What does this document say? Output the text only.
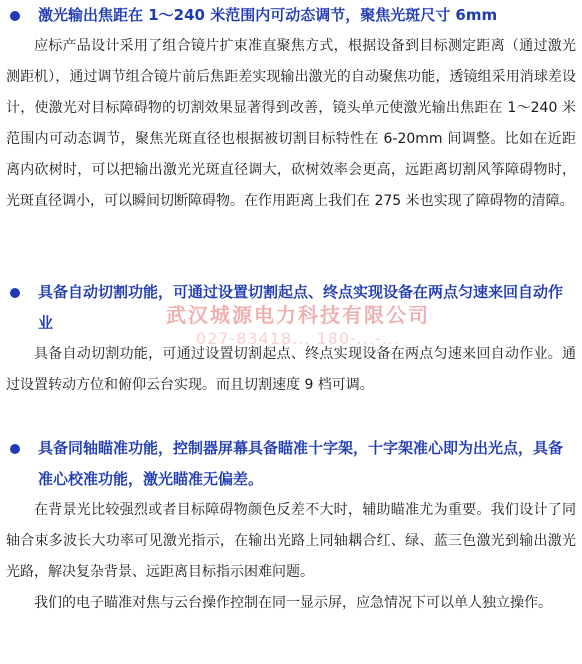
激光输出焦距在 1～240 米范围内可动态调节，聚焦光斑尺寸 6mm

应标产品设计采用了组合镜片扩束准直聚焦方式，根据设备到目标测定距离（通过激光测距机），通过调节组合镜片前后焦距差实现输出激光的自动聚焦功能，透镜组采用消球差设计，使激光对目标障碍物的切割效果显著得到改善，镜头单元使激光输出焦距在 1～240 米范围内可动态调节，聚焦光斑直径也根据被切割目标特性在 6-20mm 间调整。比如在近距离内砍树时，可以把输出激光光斑直径调大，砍树效率会更高，远距离切割风筝障碍物时，光斑直径调小，可以瞬间切断障碍物。在作用距离上我们在 275 米也实现了障碍物的清障。

具备自动切割功能，可通过设置切割起点、终点实现设备在两点匀速来回自动作业

具备自动切割功能，可通过设置切割起点、终点实现设备在两点匀速来回自动作业。通过设置转动方位和俯仰云台实现。而且切割速度 9 档可调。

具备同轴瞄准功能，控制器屏幕具备瞄准十字架，十字架准心即为出光点，具备准心校准功能，激光瞄准无偏差。

在背景光比较强烈或者目标障碍物颜色反差不大时，辅助瞄准尤为重要。我们设计了同轴合束多波长大功率可见激光指示，在输出光路上同轴耦合红、绿、蓝三色激光到输出激光光路，解决复杂背景、远距离目标指示困难问题。

我们的电子瞄准对焦与云台操作控制在同一显示屏，应急情况下可以单人独立操作。

武汉城源电力科技有限公司
027-83418... 180-...-...
